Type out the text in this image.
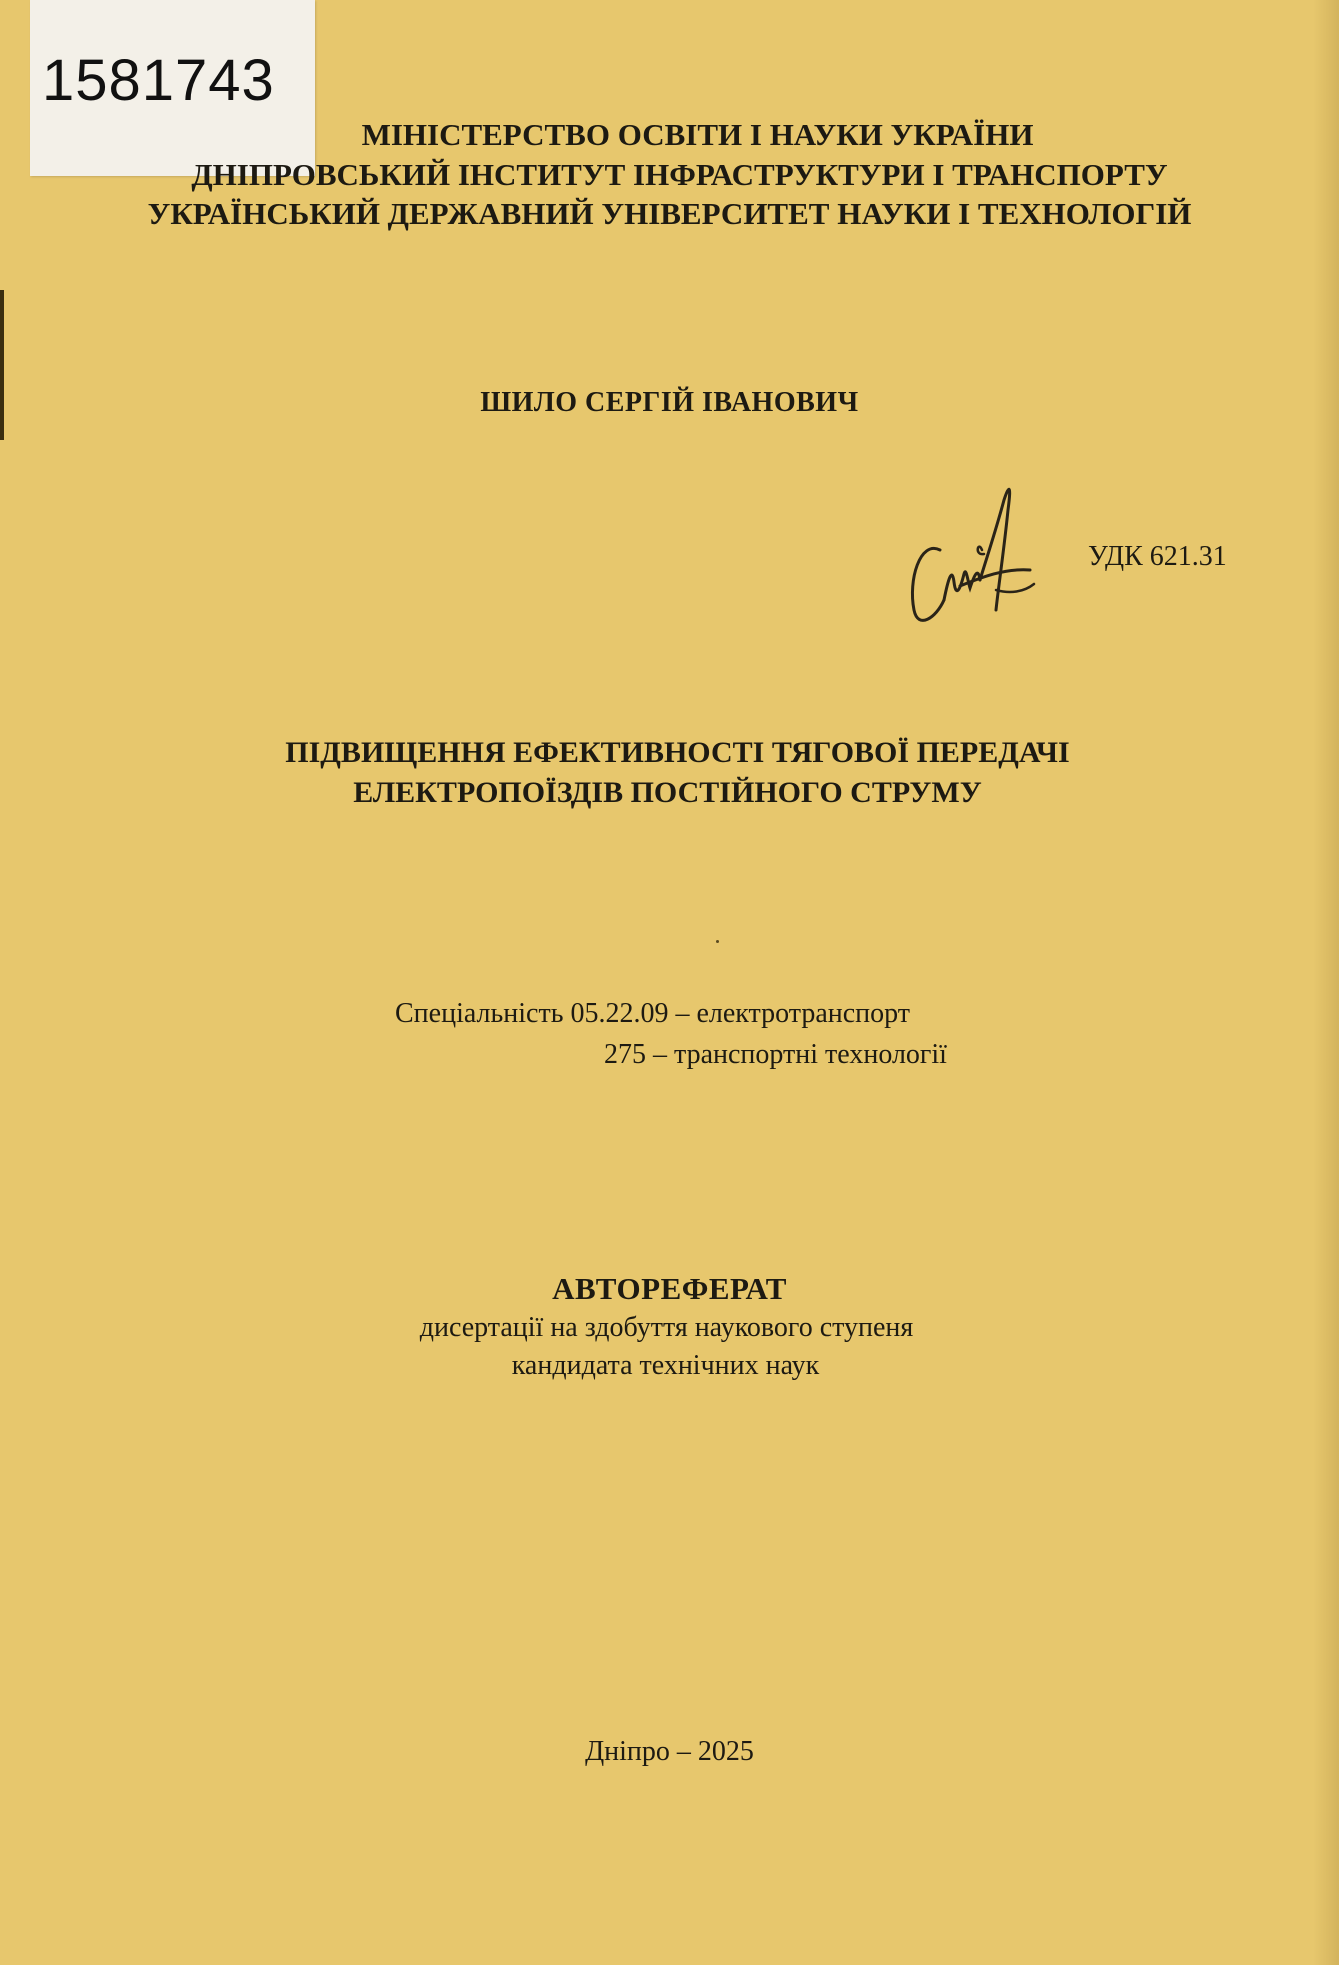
1581743

МІНІСТЕРСТВО ОСВІТИ І НАУКИ УКРАЇНИ

ДНІПРОВСЬКИЙ ІНСТИТУТ ІНФРАСТРУКТУРИ І ТРАНСПОРТУ

УКРАЇНСЬКИЙ ДЕРЖАВНИЙ УНІВЕРСИТЕТ НАУКИ І ТЕХНОЛОГІЙ

ШИЛО СЕРГІЙ ІВАНОВИЧ

УДК 621.31

ПІДВИЩЕННЯ ЕФЕКТИВНОСТІ ТЯГОВОЇ ПЕРЕДАЧІ

ЕЛЕКТРОПОЇЗДІВ ПОСТІЙНОГО СТРУМУ

Спеціальність 05.22.09 – електротранспорт

275 – транспортні технології

АВТОРЕФЕРАТ

дисертації на здобуття наукового ступеня

кандидата технічних наук

Дніпро – 2025
